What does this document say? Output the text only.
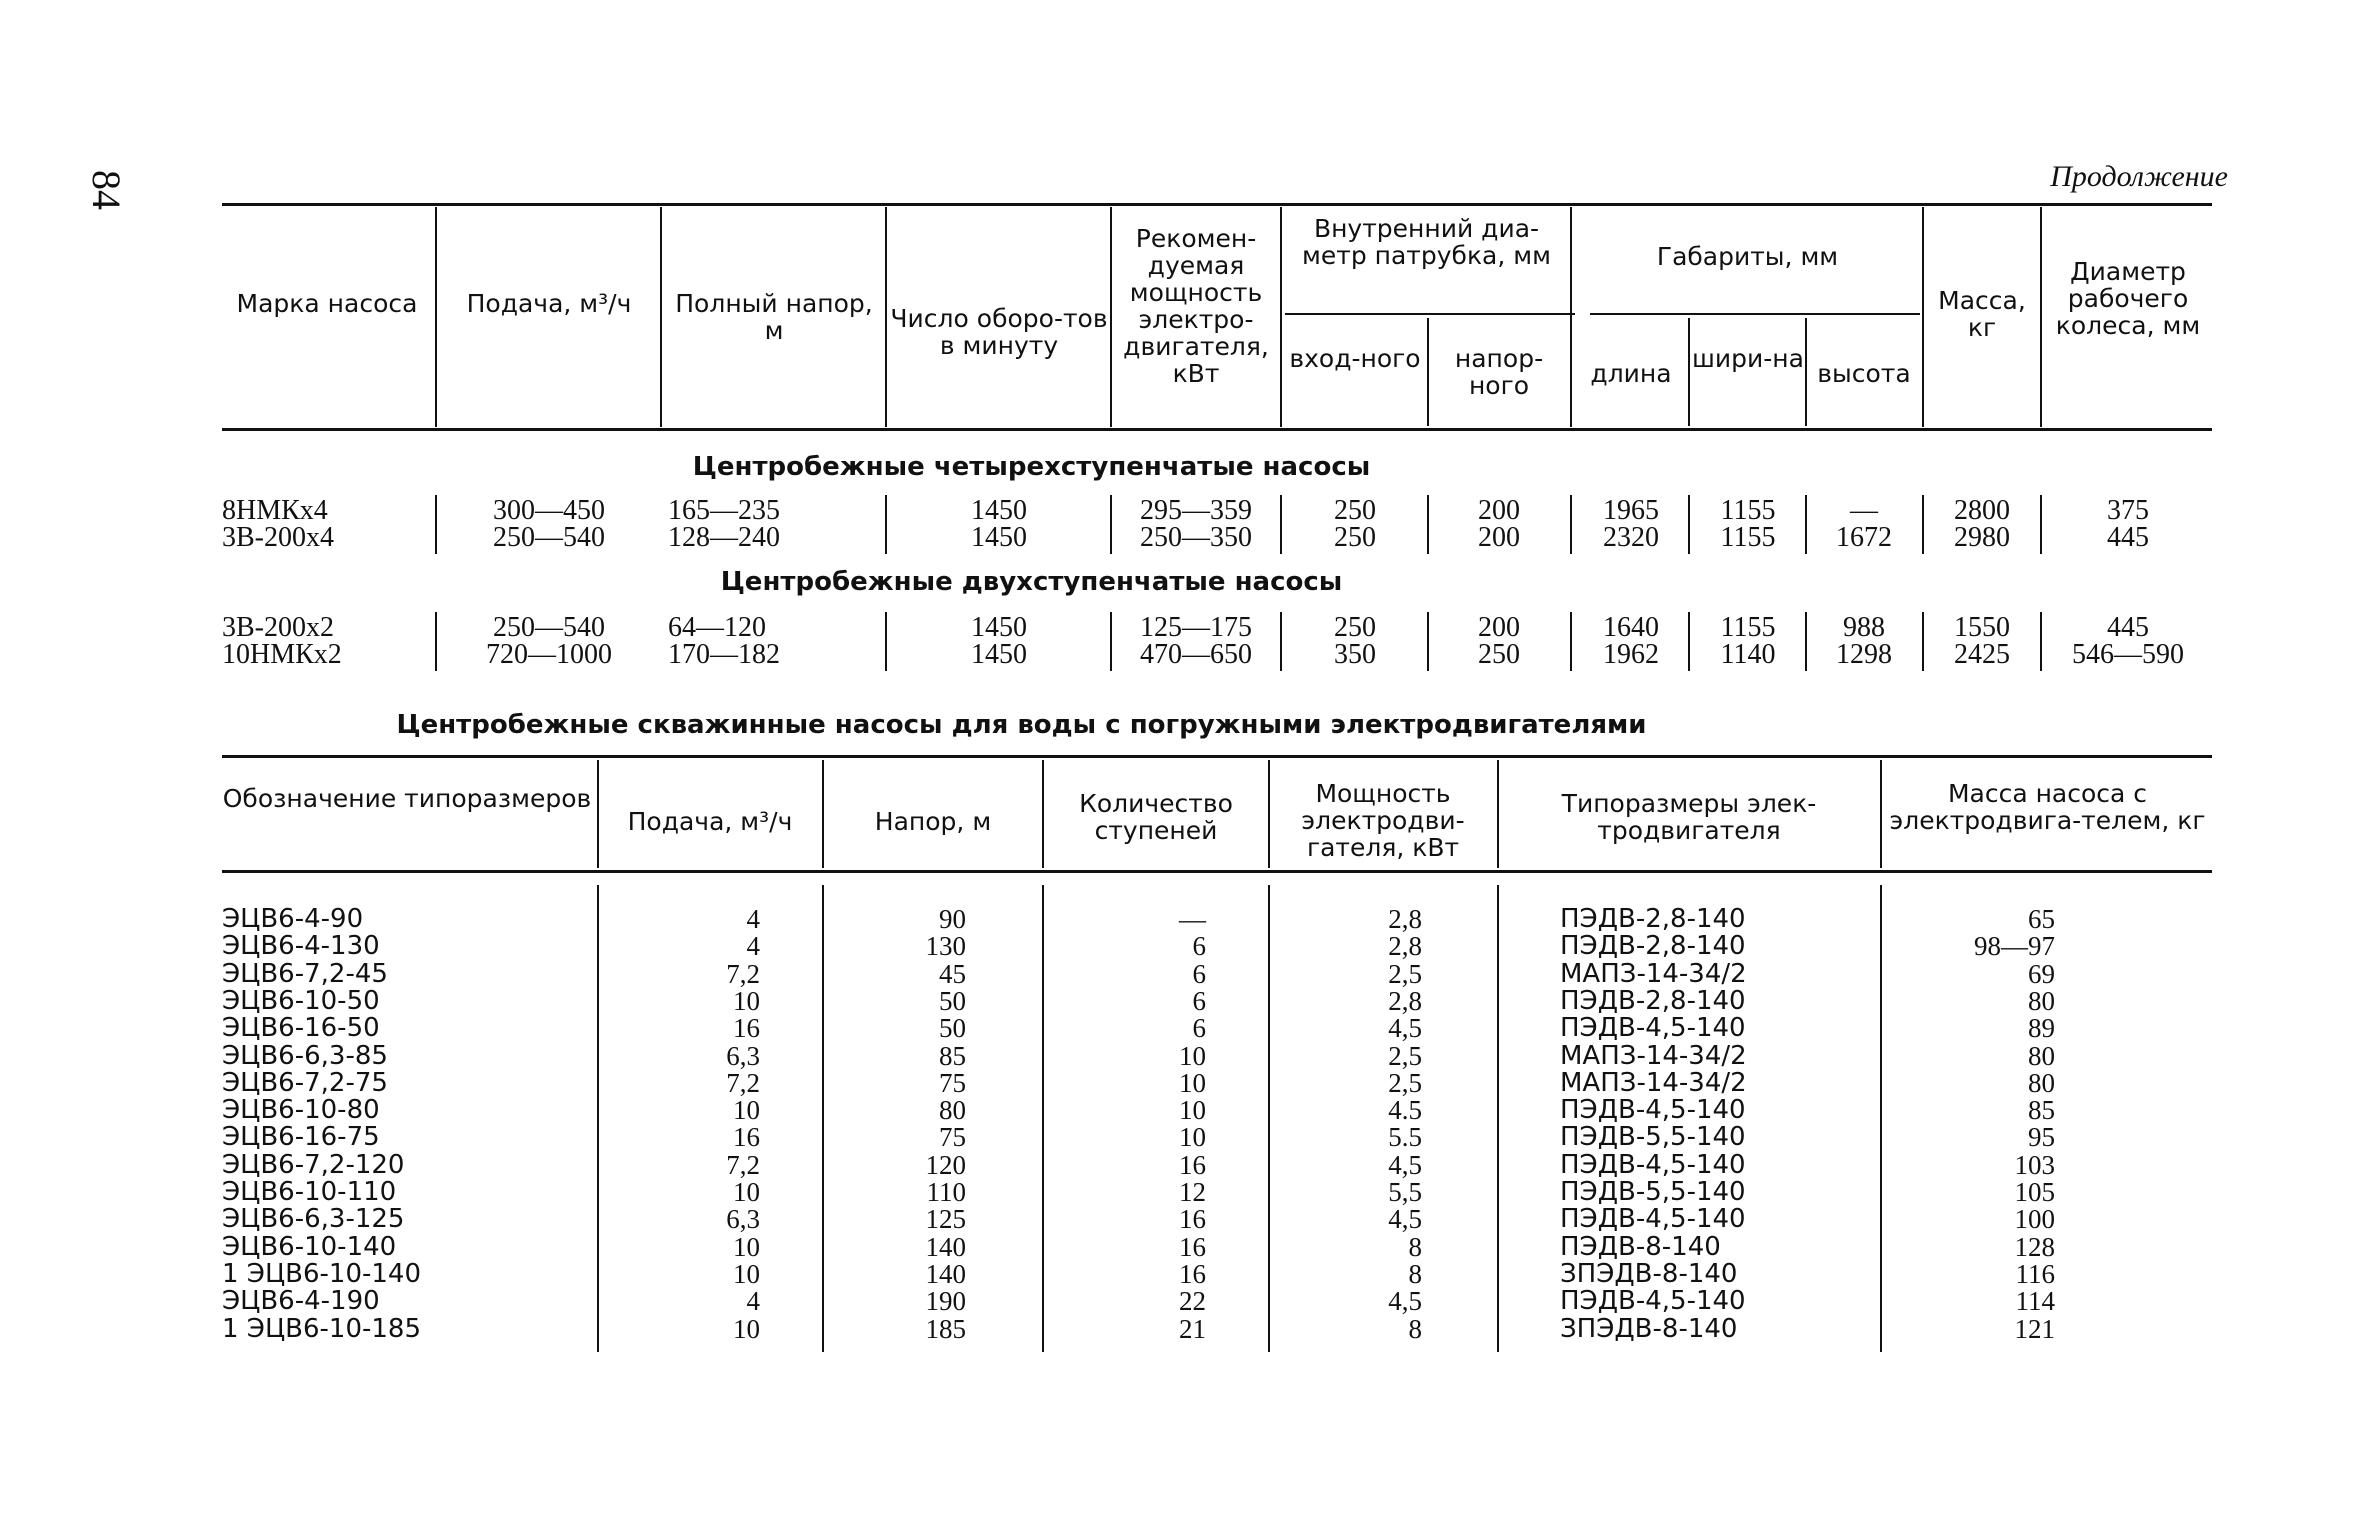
84	Продолжение
Марка насоса	Подача, м³/ч	Полный напор, м	Число оборо-тов в минуту
Рекомен-дуемая мощность электро-двигателя, кВт
Внутренний диа-метр патрубка, мм
вход-ного	напор-ного
Габариты, мм
длина
шири-на
высота
Масса, кг
Диаметр рабочего колеса, мм
Центробежные четырехступенчатые насосы
8НМКх4	300—450	165—235	1450	295—359	250	200	1965	1155	—	2800	375
3В-200х4	250—540	128—240	1450	250—350	250	200	2320	1155	1672	2980	445
Центробежные двухступенчатые насосы
3В-200х2	250—540	64—120	1450	125—175	250	200	1640	1155	988	1550	445
10НМКх2	720—1000	170—182	1450	470—650	350	250	1962	1140	1298	2425	546—590
Центробежные скважинные насосы для воды с погружными электродвигателями
Обозначение типоразмеров
Подача, м³/ч	Напор, м
Количество ступеней
Мощность электродви-гателя, кВт
Типоразмеры элек-тродвигателя
Масса насоса с электродвига-телем, кг
ЭЦВ6-4-90	4	90	—	2,8	ПЭДВ-2,8-140	65
ЭЦВ6-4-130	4	130	6	2,8	ПЭДВ-2,8-140	98—97
ЭЦВ6-7,2-45	7,2	45	6	2,5	МАПЗ-14-34/2	69
ЭЦВ6-10-50	10	50	6	2,8	ПЭДВ-2,8-140	80
ЭЦВ6-16-50	16	50	6	4,5	ПЭДВ-4,5-140	89
ЭЦВ6-6,3-85	6,3	85	10	2,5	МАПЗ-14-34/2	80
ЭЦВ6-7,2-75	7,2	75	10	2,5	МАПЗ-14-34/2	80
ЭЦВ6-10-80	10	80	10	4.5	ПЭДВ-4,5-140	85
ЭЦВ6-16-75	16	75	10	5.5	ПЭДВ-5,5-140	95
ЭЦВ6-7,2-120	7,2	120	16	4,5	ПЭДВ-4,5-140	103
ЭЦВ6-10-110	10	110	12	5,5	ПЭДВ-5,5-140	105
ЭЦВ6-6,3-125	6,3	125	16	4,5	ПЭДВ-4,5-140	100
ЭЦВ6-10-140	10	140	16	8	ПЭДВ-8-140	128
1 ЭЦВ6-10-140	10	140	16	8	ЗПЭДВ-8-140	116
ЭЦВ6-4-190	4	190	22	4,5	ПЭДВ-4,5-140	114
1 ЭЦВ6-10-185	10	185	21	8	ЗПЭДВ-8-140	121
